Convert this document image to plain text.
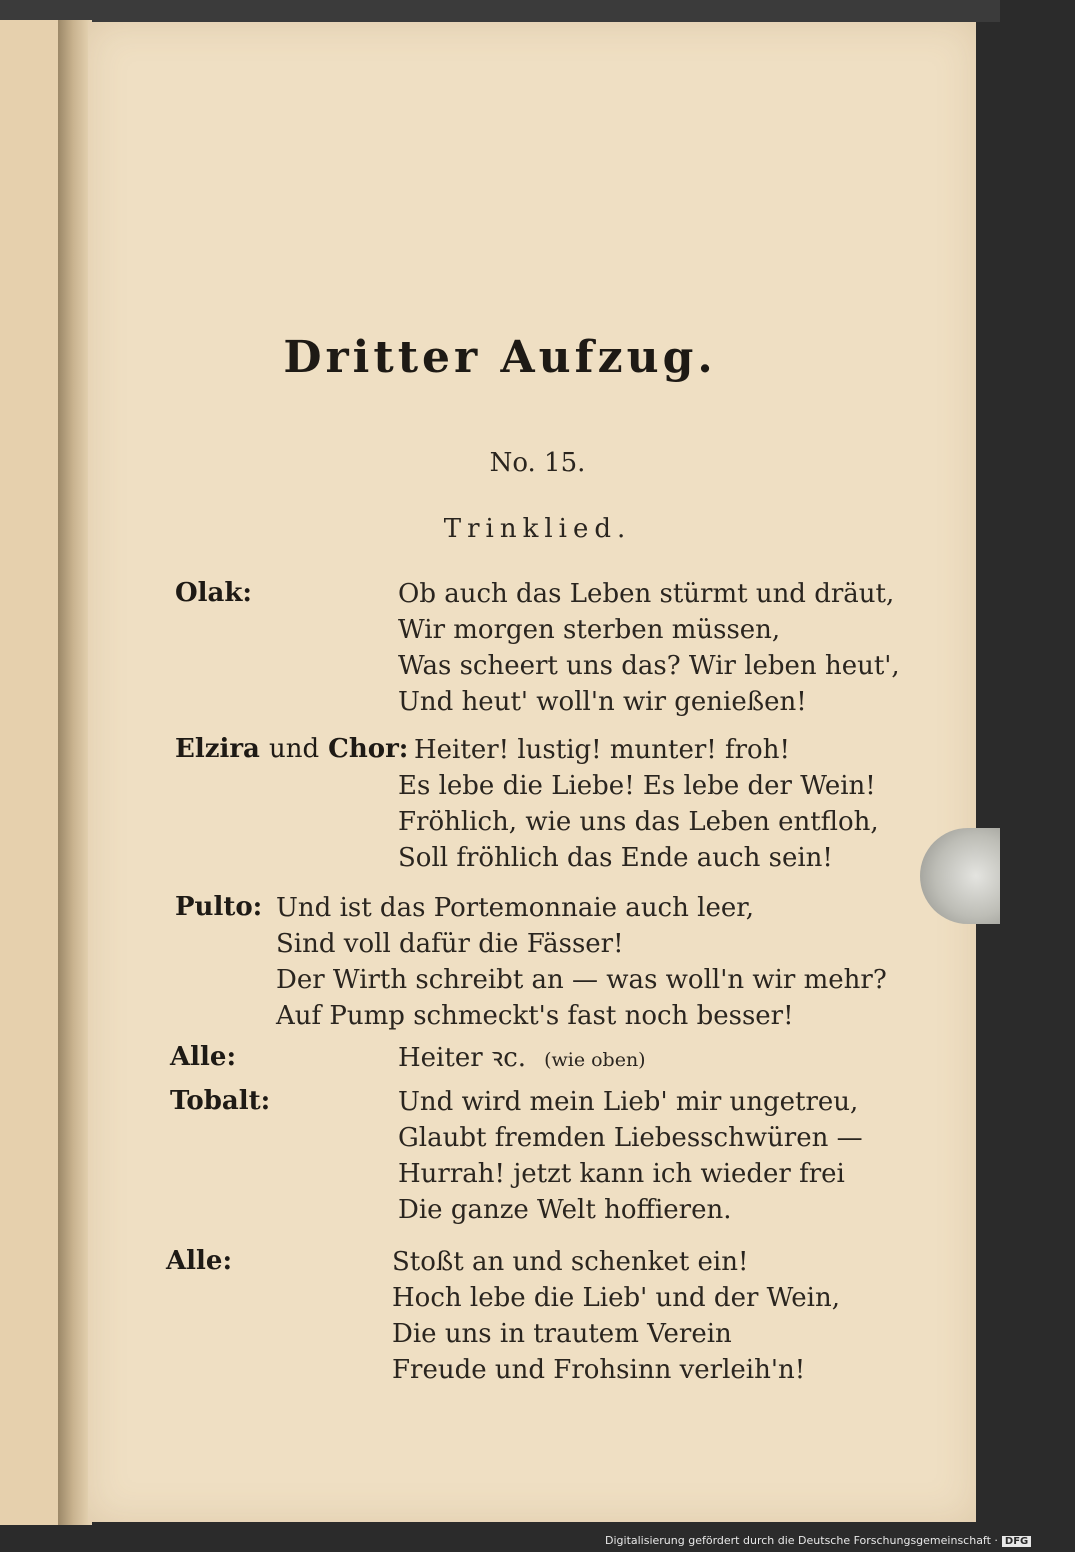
Dritter Aufzug.
No. 15.
Trinklied.
Olak:	Ob auch das Leben stürmt und dräut,
Wir morgen sterben müssen,
Was scheert uns das? Wir leben heut',
Und heut' woll'n wir genießen!
Elzira und Chor: Heiter! lustig! munter! froh!
Es lebe die Liebe! Es lebe der Wein!
Fröhlich, wie uns das Leben entfloh,
Soll fröhlich das Ende auch sein!
Pulto: Und ist das Portemonnaie auch leer,
Sind voll dafür die Fässer!
Der Wirth schreibt an — was woll'n wir mehr?
Auf Pump schmeckt's fast noch besser!
Alle:	Heiter ꝛc. (wie oben)
Tobalt:	Und wird mein Lieb' mir ungetreu,
Glaubt fremden Liebesschwüren —
Hurrah! jetzt kann ich wieder frei
Die ganze Welt hoffieren.
Alle:	Stoßt an und schenket ein!
Hoch lebe die Lieb' und der Wein,
Die uns in trautem Verein
Freude und Frohsinn verleih'n!
Digitalisierung gefördert durch die Deutsche Forschungsgemeinschaft · DFG
